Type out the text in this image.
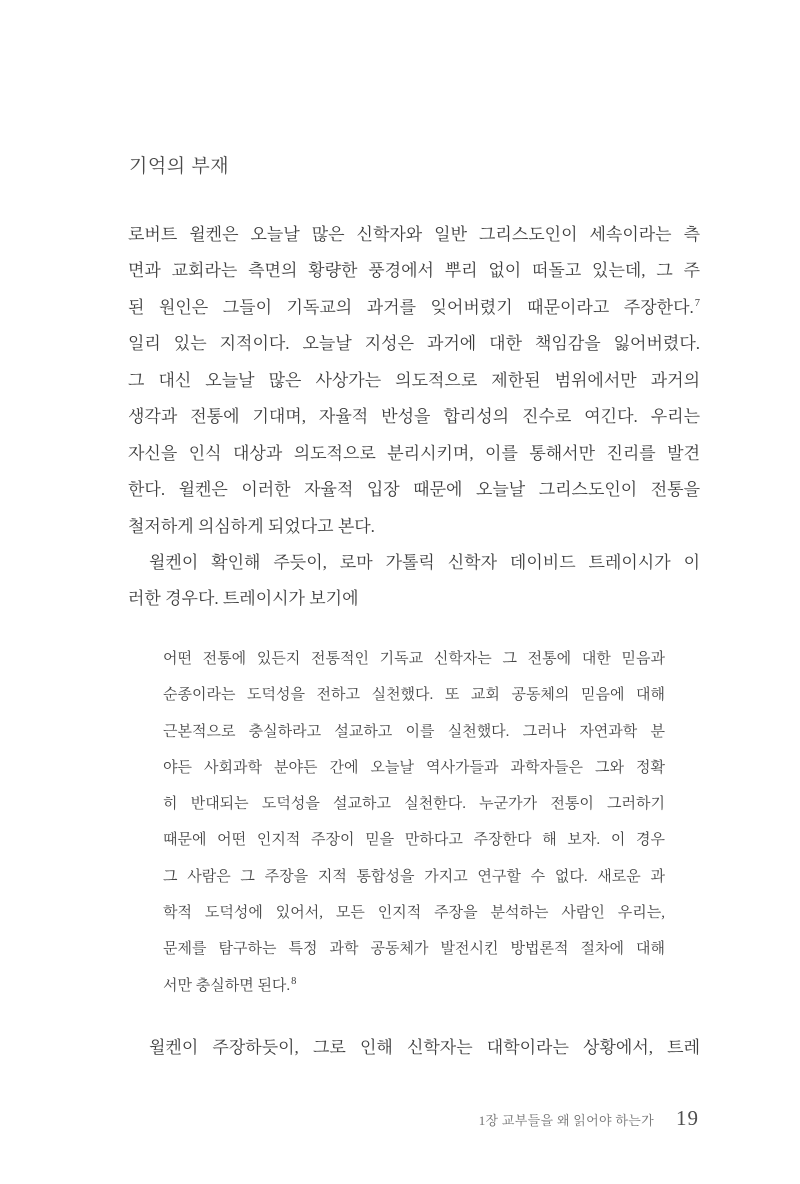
기억의 부재

로버트 윌켄은 오늘날 많은 신학자와 일반 그리스도인이 세속이라는 측

면과 교회라는 측면의 황량한 풍경에서 뿌리 없이 떠돌고 있는데, 그 주

된 원인은 그들이 기독교의 과거를 잊어버렸기 때문이라고 주장한다.$^7$

일리 있는 지적이다. 오늘날 지성은 과거에 대한 책임감을 잃어버렸다.

그 대신 오늘날 많은 사상가는 의도적으로 제한된 범위에서만 과거의

생각과 전통에 기대며, 자율적 반성을 합리성의 진수로 여긴다. 우리는

자신을 인식 대상과 의도적으로 분리시키며, 이를 통해서만 진리를 발견

한다. 윌켄은 이러한 자율적 입장 때문에 오늘날 그리스도인이 전통을

철저하게 의심하게 되었다고 본다.

윌켄이 확인해 주듯이, 로마 가톨릭 신학자 데이비드 트레이시가 이

러한 경우다. 트레이시가 보기에

어떤 전통에 있든지 전통적인 기독교 신학자는 그 전통에 대한 믿음과

순종이라는 도덕성을 전하고 실천했다. 또 교회 공동체의 믿음에 대해

근본적으로 충실하라고 설교하고 이를 실천했다. 그러나 자연과학 분

야든 사회과학 분야든 간에 오늘날 역사가들과 과학자들은 그와 정확

히 반대되는 도덕성을 설교하고 실천한다. 누군가가 전통이 그러하기

때문에 어떤 인지적 주장이 믿을 만하다고 주장한다 해 보자. 이 경우

그 사람은 그 주장을 지적 통합성을 가지고 연구할 수 없다. 새로운 과

학적 도덕성에 있어서, 모든 인지적 주장을 분석하는 사람인 우리는,

문제를 탐구하는 특정 과학 공동체가 발전시킨 방법론적 절차에 대해

서만 충실하면 된다.$^8$

윌켄이 주장하듯이, 그로 인해 신학자는 대학이라는 상황에서, 트레

1장 교부들을 왜 읽어야 하는가 19
